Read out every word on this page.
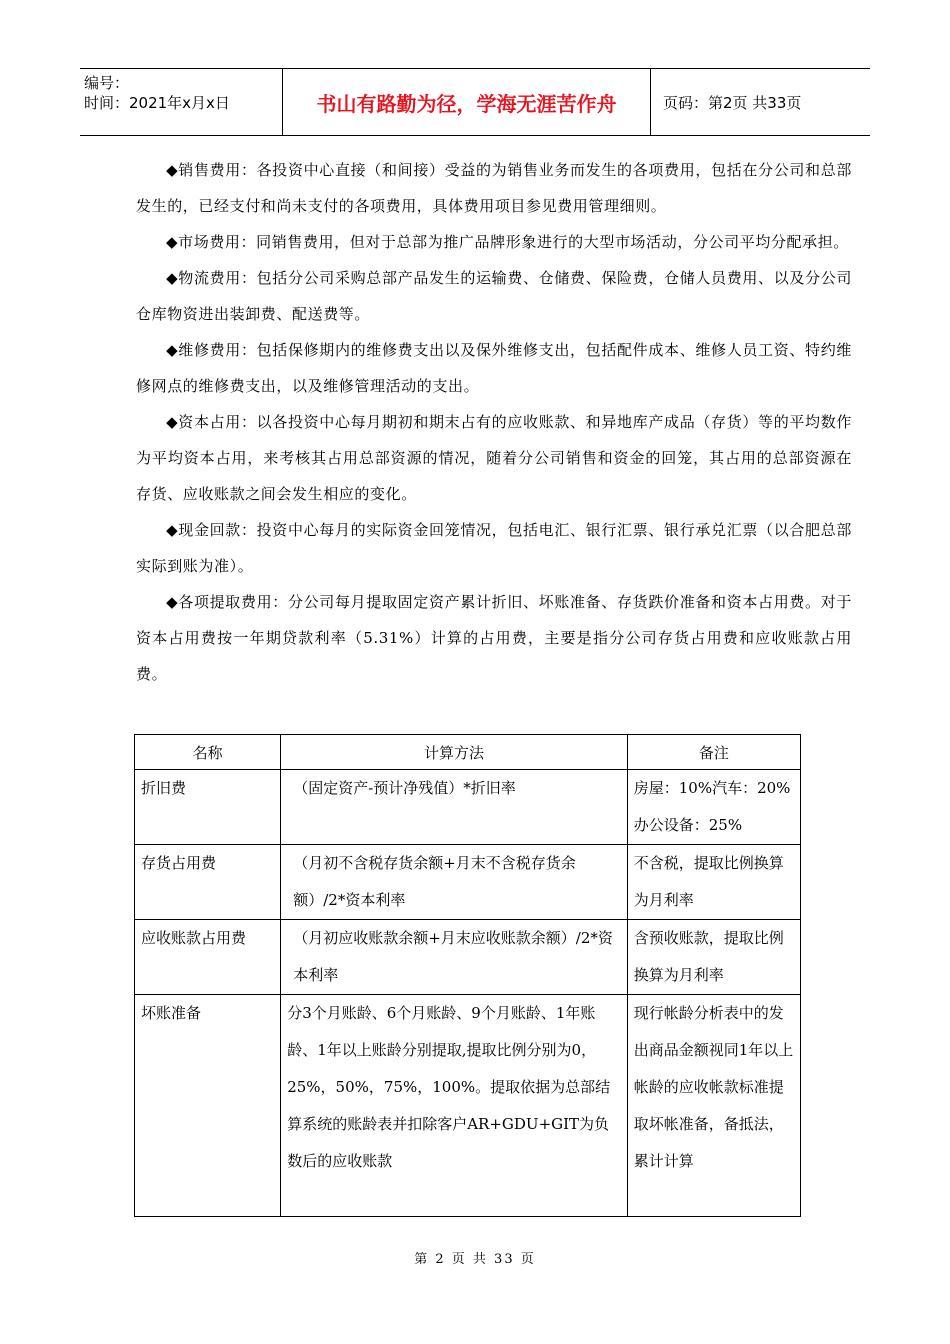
编号：
时间：2021年x月x日	书山有路勤为径，学海无涯苦作舟	页码：第2页 共33页

◆销售费用：各投资中心直接（和间接）受益的为销售业务而发生的各项费用，包括在分公司和总部发生的，已经支付和尚未支付的各项费用，具体费用项目参见费用管理细则。

◆市场费用：同销售费用，但对于总部为推广品牌形象进行的大型市场活动，分公司平均分配承担。

◆物流费用：包括分公司采购总部产品发生的运输费、仓储费、保险费，仓储人员费用、以及分公司仓库物资进出装卸费、配送费等。

◆维修费用：包括保修期内的维修费支出以及保外维修支出，包括配件成本、维修人员工资、特约维修网点的维修费支出，以及维修管理活动的支出。

◆资本占用：以各投资中心每月期初和期末占有的应收账款、和异地库产成品（存货）等的平均数作为平均资本占用，来考核其占用总部资源的情况，随着分公司销售和资金的回笼，其占用的总部资源在存货、应收账款之间会发生相应的变化。

◆现金回款：投资中心每月的实际资金回笼情况，包括电汇、银行汇票、银行承兑汇票（以合肥总部实际到账为准）。

◆各项提取费用：分公司每月提取固定资产累计折旧、坏账准备、存货跌价准备和资本占用费。对于资本占用费按一年期贷款利率（5.31%）计算的占用费，主要是指分公司存货占用费和应收账款占用费。

名称	计算方法	备注
折旧费	（固定资产-预计净残值）*折旧率	房屋：10%汽车：20%办公设备：25%
存货占用费	（月初不含税存货余额+月末不含税存货余额）/2*资本利率	不含税，提取比例换算为月利率
应收账款占用费	（月初应收账款余额+月末应收账款余额）/2*资本利率	含预收账款，提取比例换算为月利率
坏账准备	分3个月账龄、6个月账龄、9个月账龄、1年账龄、1年以上账龄分别提取,提取比例分别为0，25%，50%，75%，100%。提取依据为总部结算系统的账龄表并扣除客户AR+GDU+GIT为负数后的应收账款	现行帐龄分析表中的发出商品金额视同1年以上帐龄的应收帐款标准提取坏帐准备，备抵法，累计计算
第 2 页 共 33 页
